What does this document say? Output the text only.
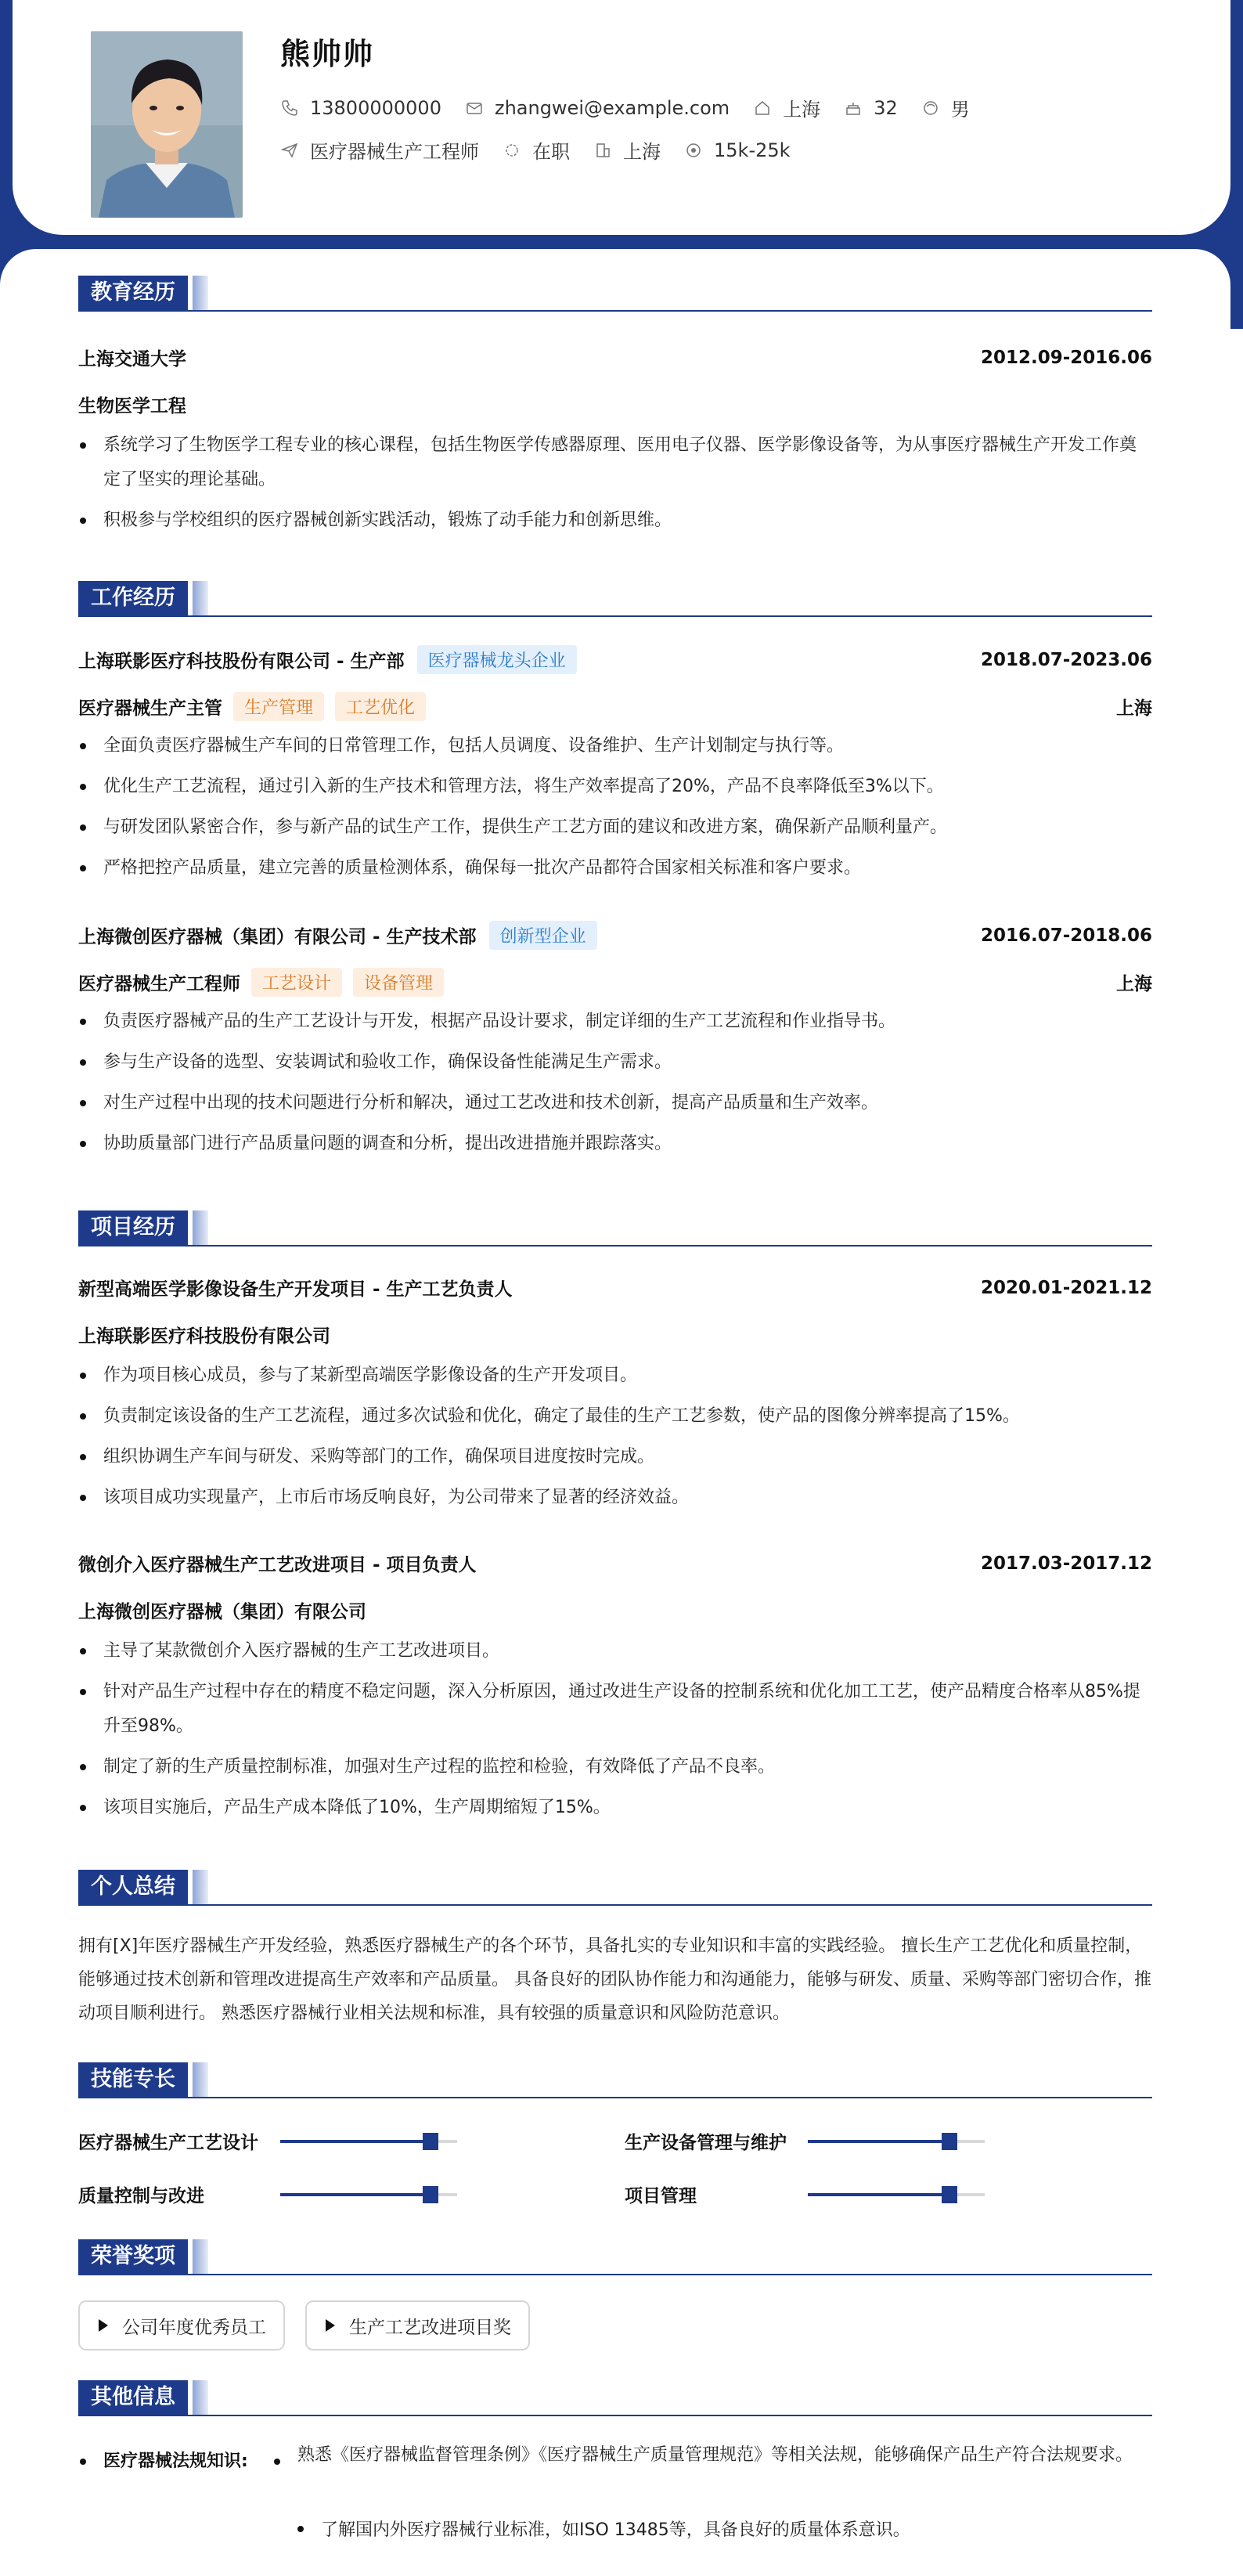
熊帅帅
13800000000	zhangwei@example.com	上海	32	男
医疗器械生产工程师	在职	上海	15k-25k
教育经历
上海交通大学	2012.09-2016.06
生物医学工程
系统学习了生物医学工程专业的核心课程，包括生物医学传感器原理、医用电子仪器、医学影像设备等，为从事医疗器械生产开发工作奠定了坚实的理论基础。
积极参与学校组织的医疗器械创新实践活动，锻炼了动手能力和创新思维。
工作经历
上海联影医疗科技股份有限公司 - 生产部	医疗器械龙头企业	2018.07-2023.06
医疗器械生产主管	生产管理	工艺优化	上海
全面负责医疗器械生产车间的日常管理工作，包括人员调度、设备维护、生产计划制定与执行等。
优化生产工艺流程，通过引入新的生产技术和管理方法，将生产效率提高了20%，产品不良率降低至3%以下。
与研发团队紧密合作，参与新产品的试生产工作，提供生产工艺方面的建议和改进方案，确保新产品顺利量产。
严格把控产品质量，建立完善的质量检测体系，确保每一批次产品都符合国家相关标准和客户要求。
上海微创医疗器械（集团）有限公司 - 生产技术部	创新型企业	2016.07-2018.06
医疗器械生产工程师	工艺设计	设备管理	上海
负责医疗器械产品的生产工艺设计与开发，根据产品设计要求，制定详细的生产工艺流程和作业指导书。
参与生产设备的选型、安装调试和验收工作，确保设备性能满足生产需求。
对生产过程中出现的技术问题进行分析和解决，通过工艺改进和技术创新，提高产品质量和生产效率。
协助质量部门进行产品质量问题的调查和分析，提出改进措施并跟踪落实。
项目经历
新型高端医学影像设备生产开发项目 - 生产工艺负责人	2020.01-2021.12
上海联影医疗科技股份有限公司
作为项目核心成员，参与了某新型高端医学影像设备的生产开发项目。
负责制定该设备的生产工艺流程，通过多次试验和优化，确定了最佳的生产工艺参数，使产品的图像分辨率提高了15%。
组织协调生产车间与研发、采购等部门的工作，确保项目进度按时完成。
该项目成功实现量产，上市后市场反响良好，为公司带来了显著的经济效益。
微创介入医疗器械生产工艺改进项目 - 项目负责人	2017.03-2017.12
上海微创医疗器械（集团）有限公司
主导了某款微创介入医疗器械的生产工艺改进项目。
针对产品生产过程中存在的精度不稳定问题，深入分析原因，通过改进生产设备的控制系统和优化加工工艺，使产品精度合格率从85%提升至98%。
制定了新的生产质量控制标准，加强对生产过程的监控和检验，有效降低了产品不良率。
该项目实施后，产品生产成本降低了10%，生产周期缩短了15%。
个人总结
拥有[X]年医疗器械生产开发经验，熟悉医疗器械生产的各个环节，具备扎实的专业知识和丰富的实践经验。 擅长生产工艺优化和质量控制，能够通过技术创新和管理改进提高生产效率和产品质量。 具备良好的团队协作能力和沟通能力，能够与研发、质量、采购等部门密切合作，推动项目顺利进行。 熟悉医疗器械行业相关法规和标准，具有较强的质量意识和风险防范意识。
技能专长
医疗器械生产工艺设计	生产设备管理与维护
质量控制与改进	项目管理
荣誉奖项
公司年度优秀员工	生产工艺改进项目奖
其他信息
医疗器械法规知识:	熟悉《医疗器械监督管理条例》《医疗器械生产质量管理规范》等相关法规，能够确保产品生产符合法规要求。
了解国内外医疗器械行业标准，如ISO 13485等，具备良好的质量体系意识。
